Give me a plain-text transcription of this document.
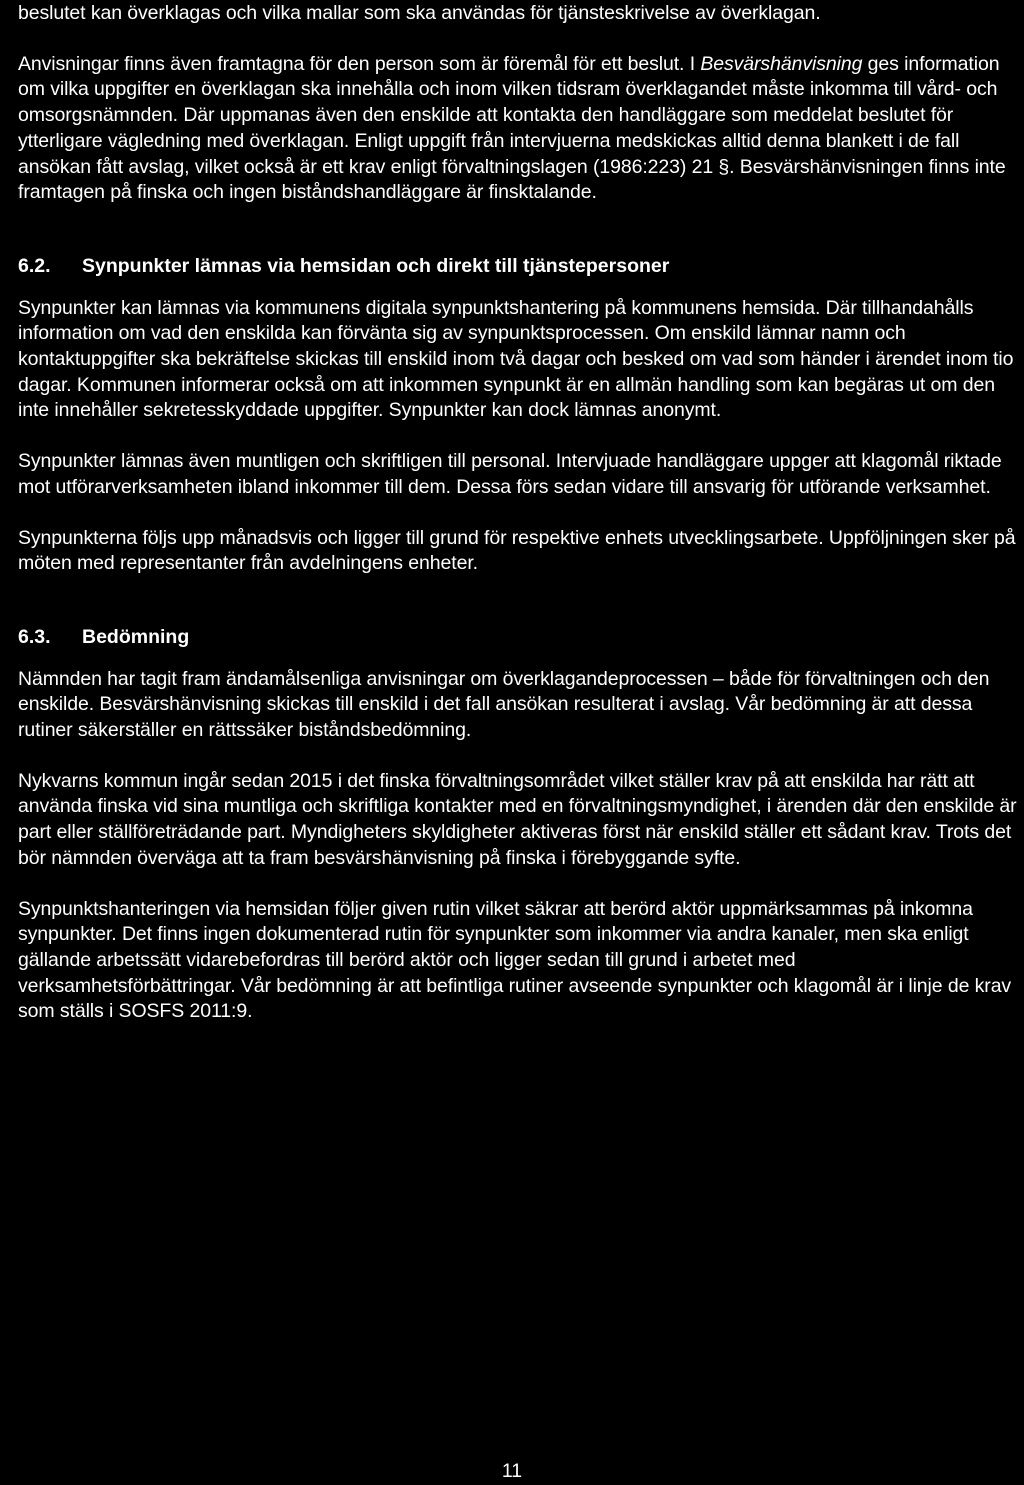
beslutet kan överklagas och vilka mallar som ska användas för tjänsteskrivelse av överklagan.

Anvisningar finns även framtagna för den person som är föremål för ett beslut. I Besvärshänvisning ges information om vilka uppgifter en överklagan ska innehålla och inom vilken tidsram överklagandet måste inkomma till vård- och omsorgsnämnden. Där uppmanas även den enskilde att kontakta den handläggare som meddelat beslutet för ytterligare vägledning med överklagan. Enligt uppgift från intervjuerna medskickas alltid denna blankett i de fall ansökan fått avslag, vilket också är ett krav enligt förvaltningslagen (1986:223) 21 §. Besvärshänvisningen finns inte framtagen på finska och ingen biståndshandläggare är finsktalande.

6.2.	Synpunkter lämnas via hemsidan och direkt till tjänstepersoner

Synpunkter kan lämnas via kommunens digitala synpunktshantering på kommunens hemsida. Där tillhandahålls information om vad den enskilda kan förvänta sig av synpunktsprocessen. Om enskild lämnar namn och kontaktuppgifter ska bekräftelse skickas till enskild inom två dagar och besked om vad som händer i ärendet inom tio dagar. Kommunen informerar också om att inkommen synpunkt är en allmän handling som kan begäras ut om den inte innehåller sekretesskyddade uppgifter. Synpunkter kan dock lämnas anonymt.

Synpunkter lämnas även muntligen och skriftligen till personal. Intervjuade handläggare uppger att klagomål riktade mot utförarverksamheten ibland inkommer till dem. Dessa förs sedan vidare till ansvarig för utförande verksamhet.

Synpunkterna följs upp månadsvis och ligger till grund för respektive enhets utvecklingsarbete. Uppföljningen sker på möten med representanter från avdelningens enheter.

6.3.	Bedömning

Nämnden har tagit fram ändamålsenliga anvisningar om överklagandeprocessen – både för förvaltningen och den enskilde. Besvärshänvisning skickas till enskild i det fall ansökan resulterat i avslag. Vår bedömning är att dessa rutiner säkerställer en rättssäker biståndsbedömning.

Nykvarns kommun ingår sedan 2015 i det finska förvaltningsområdet vilket ställer krav på att enskilda har rätt att använda finska vid sina muntliga och skriftliga kontakter med en förvaltningsmyndighet, i ärenden där den enskilde är part eller ställföreträdande part. Myndigheters skyldigheter aktiveras först när enskild ställer ett sådant krav. Trots det bör nämnden överväga att ta fram besvärshänvisning på finska i förebyggande syfte.

Synpunktshanteringen via hemsidan följer given rutin vilket säkrar att berörd aktör uppmärksammas på inkomna synpunkter. Det finns ingen dokumenterad rutin för synpunkter som inkommer via andra kanaler, men ska enligt gällande arbetssätt vidarebefordras till berörd aktör och ligger sedan till grund i arbetet med verksamhetsförbättringar. Vår bedömning är att befintliga rutiner avseende synpunkter och klagomål är i linje de krav som ställs i SOSFS 2011:9.

11
